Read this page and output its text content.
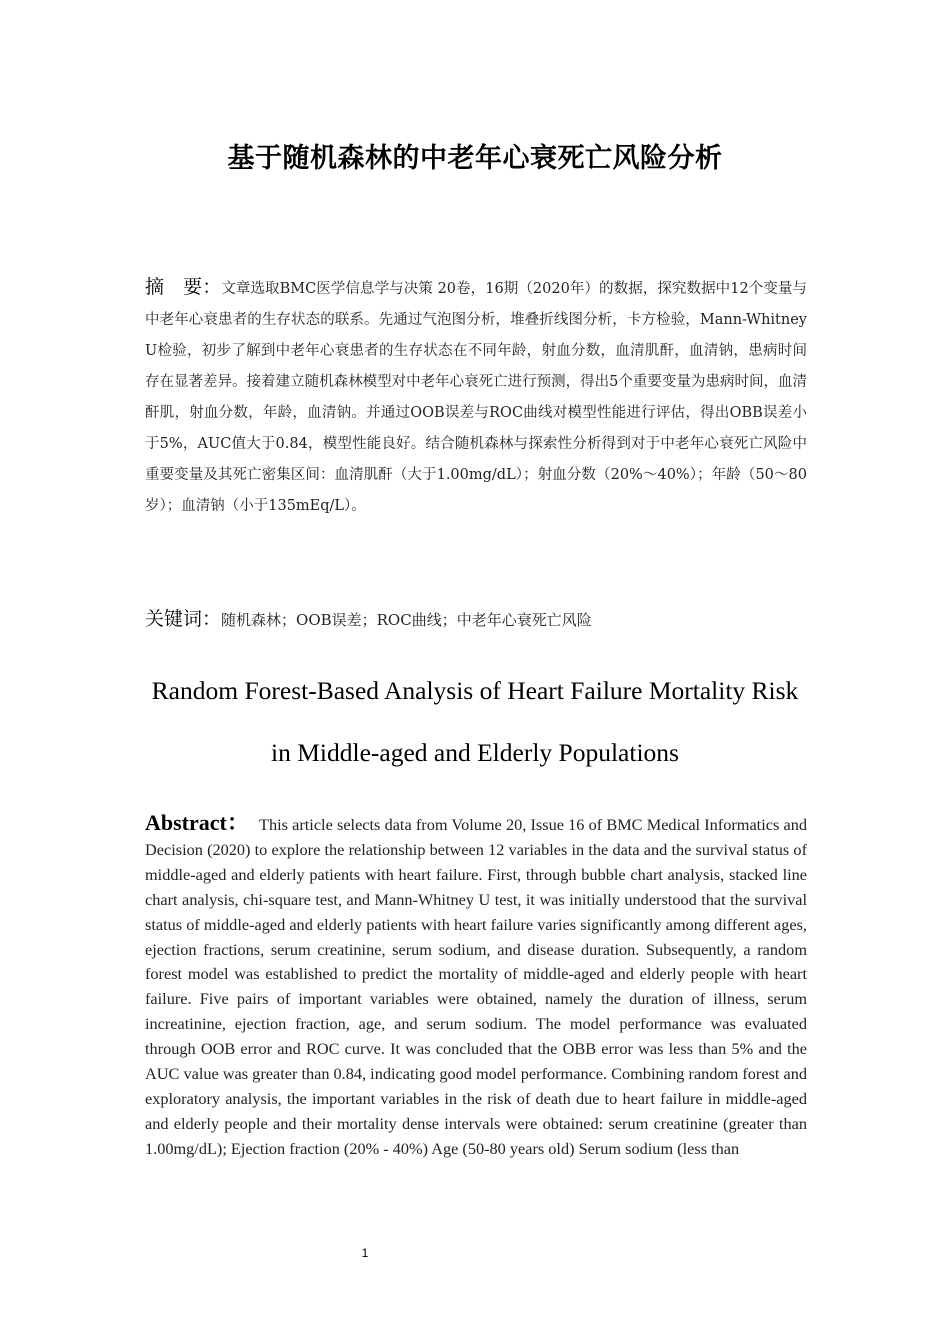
基于随机森林的中老年心衰死亡风险分析
摘　要：文章选取BMC医学信息学与决策 20卷，16期（2020年）的数据，探究数据中12个变量与中老年心衰患者的生存状态的联系。先通过气泡图分析，堆叠折线图分析，卡方检验，Mann-Whitney U检验，初步了解到中老年心衰患者的生存状态在不同年龄，射血分数，血清肌酐，血清钠，患病时间存在显著差异。接着建立随机森林模型对中老年心衰死亡进行预测，得出5个重要变量为患病时间，血清酐肌，射血分数，年龄，血清钠。并通过OOB误差与ROC曲线对模型性能进行评估，得出OBB误差小于5%，AUC值大于0.84，模型性能良好。结合随机森林与探索性分析得到对于中老年心衰死亡风险中重要变量及其死亡密集区间：血清肌酐（大于1.00mg/dL）；射血分数（20%～40%）；年龄（50～80岁）；血清钠（小于135mEq/L）。
关键词：随机森林；OOB误差；ROC曲线；中老年心衰死亡风险
Random Forest-Based Analysis of Heart Failure Mortality Risk
in Middle-aged and Elderly Populations
Abstract： This article selects data from Volume 20, Issue 16 of BMC Medical Informatics and Decision (2020) to explore the relationship between 12 variables in the data and the survival status of middle-aged and elderly patients with heart failure. First, through bubble chart analysis, stacked line chart analysis, chi-square test, and Mann-Whitney U test, it was initially understood that the survival status of middle-aged and elderly patients with heart failure varies significantly among different ages, ejection fractions, serum creatinine, serum sodium, and disease duration. Subsequently, a random forest model was established to predict the mortality of middle-aged and elderly people with heart failure. Five pairs of important variables were obtained, namely the duration of illness, serum increatinine, ejection fraction, age, and serum sodium. The model performance was evaluated through OOB error and ROC curve. It was concluded that the OBB error was less than 5% and the AUC value was greater than 0.84, indicating good model performance. Combining random forest and exploratory analysis, the important variables in the risk of death due to heart failure in middle-aged and elderly people and their mortality dense intervals were obtained: serum creatinine (greater than 1.00mg/dL); Ejection fraction (20% - 40%) Age (50-80 years old) Serum sodium (less than
1
